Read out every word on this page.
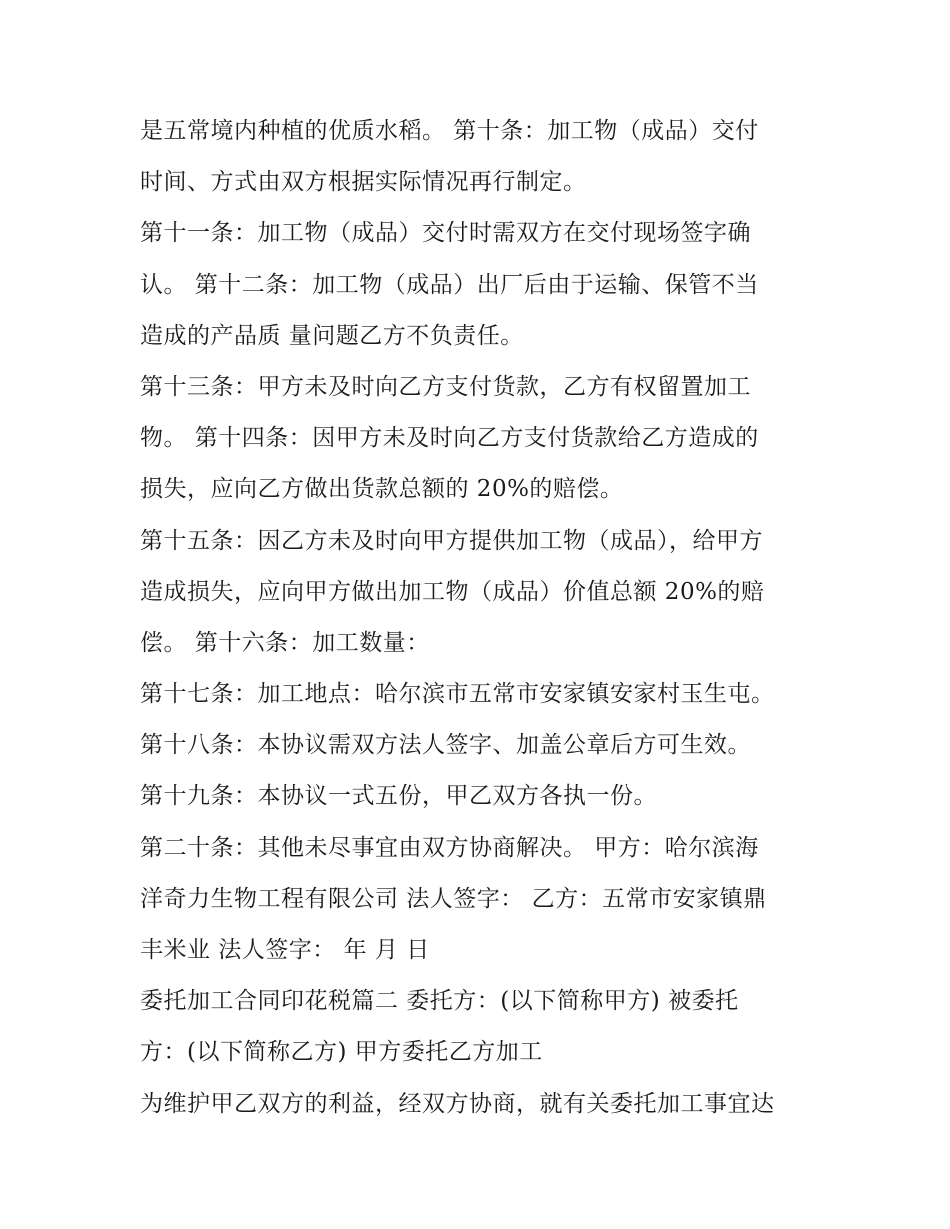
是五常境内种植的优质水稻。 第十条：加工物（成品）交付
时间、方式由双方根据实际情况再行制定。
第十一条：加工物（成品）交付时需双方在交付现场签字确
认。 第十二条：加工物（成品）出厂后由于运输、保管不当
造成的产品质 量问题乙方不负责任。
第十三条：甲方未及时向乙方支付货款，乙方有权留置加工
物。 第十四条：因甲方未及时向乙方支付货款给乙方造成的
损失，应向乙方做出货款总额的 20%的赔偿。
第十五条：因乙方未及时向甲方提供加工物（成品），给甲方
造成损失，应向甲方做出加工物（成品）价值总额 20%的赔
偿。 第十六条：加工数量：
第十七条：加工地点：哈尔滨市五常市安家镇安家村玉生屯。
第十八条：本协议需双方法人签字、加盖公章后方可生效。
第十九条：本协议一式五份，甲乙双方各执一份。
第二十条：其他未尽事宜由双方协商解决。 甲方：哈尔滨海
洋奇力生物工程有限公司 法人签字： 乙方：五常市安家镇鼎
丰米业 法人签字： 年 月 日
委托加工合同印花税篇二 委托方：(以下简称甲方) 被委托
方：(以下简称乙方) 甲方委托乙方加工
为维护甲乙双方的利益，经双方协商，就有关委托加工事宜达
